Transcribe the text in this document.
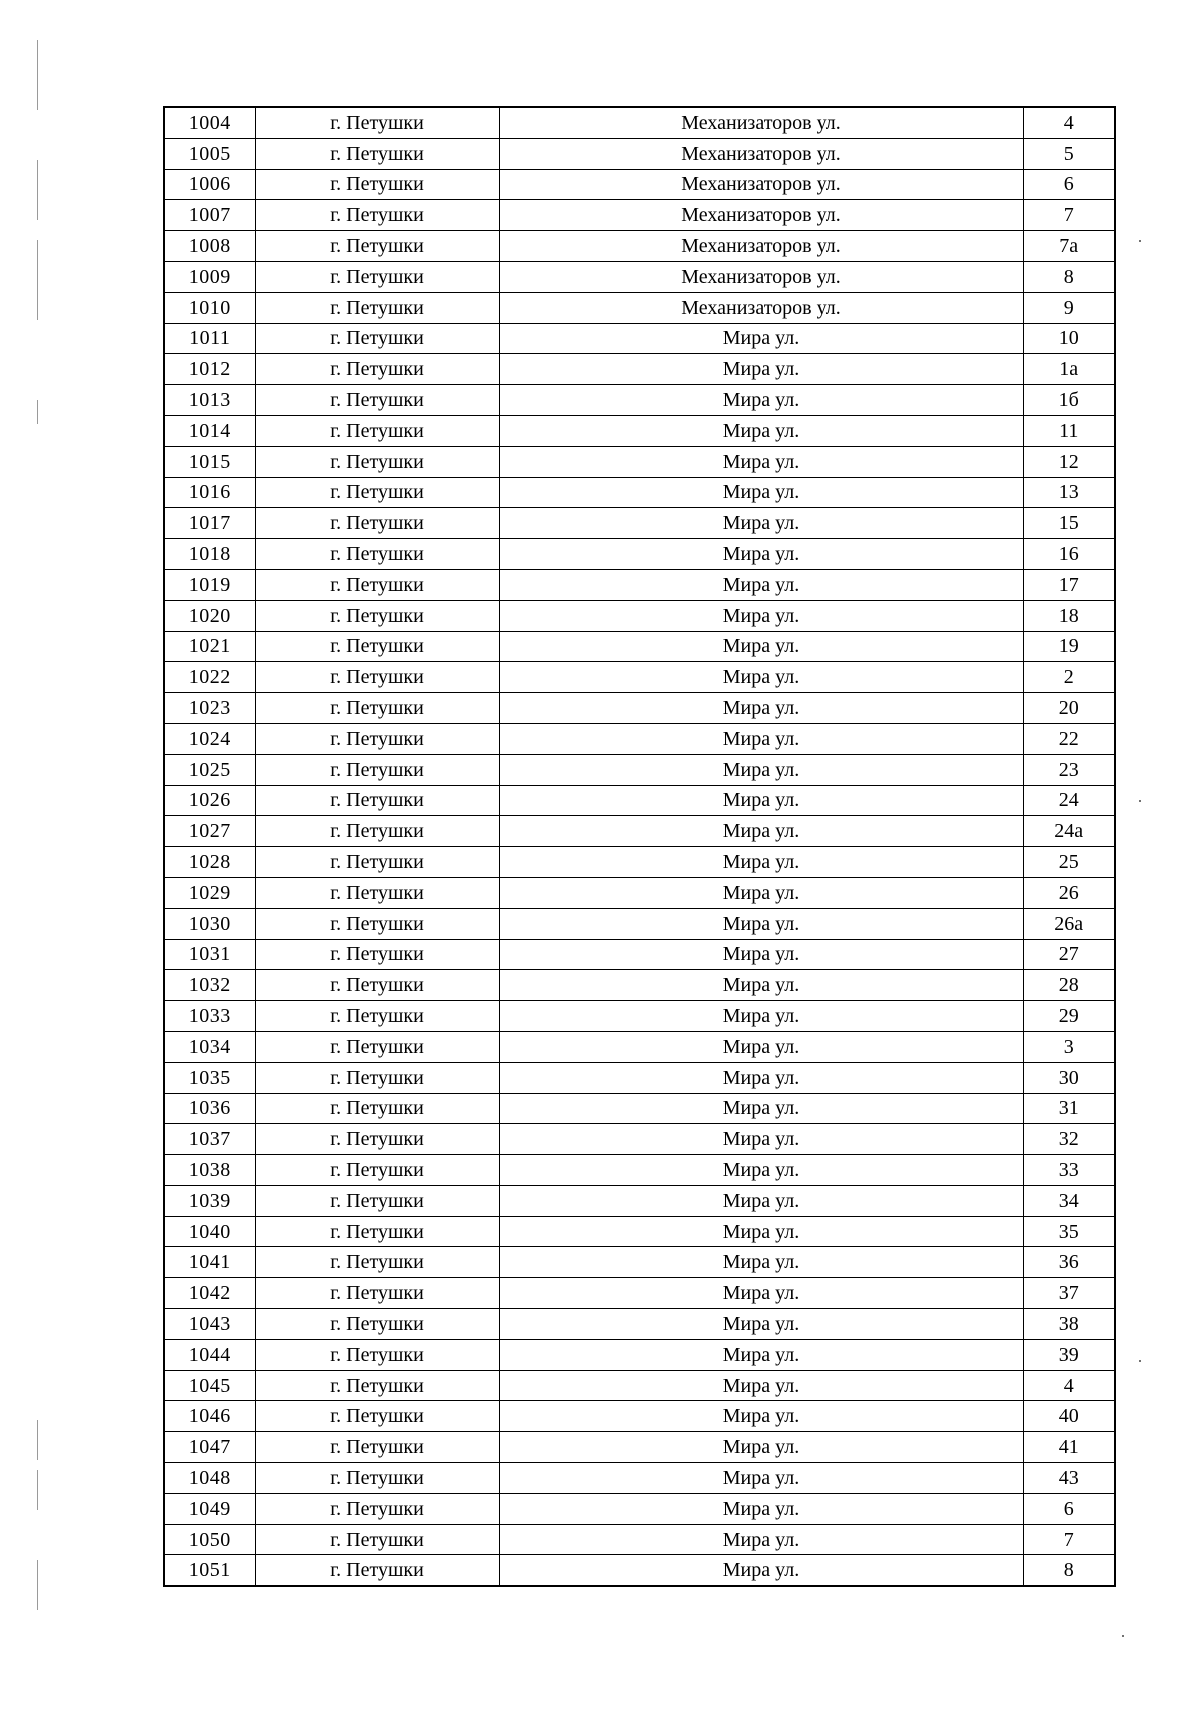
1004	г. Петушки	Механизаторов ул.	4
1005	г. Петушки	Механизаторов ул.	5
1006	г. Петушки	Механизаторов ул.	6
1007	г. Петушки	Механизаторов ул.	7
1008	г. Петушки	Механизаторов ул.	7а
1009	г. Петушки	Механизаторов ул.	8
1010	г. Петушки	Механизаторов ул.	9
1011	г. Петушки	Мира ул.	10
1012	г. Петушки	Мира ул.	1а
1013	г. Петушки	Мира ул.	1б
1014	г. Петушки	Мира ул.	11
1015	г. Петушки	Мира ул.	12
1016	г. Петушки	Мира ул.	13
1017	г. Петушки	Мира ул.	15
1018	г. Петушки	Мира ул.	16
1019	г. Петушки	Мира ул.	17
1020	г. Петушки	Мира ул.	18
1021	г. Петушки	Мира ул.	19
1022	г. Петушки	Мира ул.	2
1023	г. Петушки	Мира ул.	20
1024	г. Петушки	Мира ул.	22
1025	г. Петушки	Мира ул.	23
1026	г. Петушки	Мира ул.	24
1027	г. Петушки	Мира ул.	24а
1028	г. Петушки	Мира ул.	25
1029	г. Петушки	Мира ул.	26
1030	г. Петушки	Мира ул.	26а
1031	г. Петушки	Мира ул.	27
1032	г. Петушки	Мира ул.	28
1033	г. Петушки	Мира ул.	29
1034	г. Петушки	Мира ул.	3
1035	г. Петушки	Мира ул.	30
1036	г. Петушки	Мира ул.	31
1037	г. Петушки	Мира ул.	32
1038	г. Петушки	Мира ул.	33
1039	г. Петушки	Мира ул.	34
1040	г. Петушки	Мира ул.	35
1041	г. Петушки	Мира ул.	36
1042	г. Петушки	Мира ул.	37
1043	г. Петушки	Мира ул.	38
1044	г. Петушки	Мира ул.	39
1045	г. Петушки	Мира ул.	4
1046	г. Петушки	Мира ул.	40
1047	г. Петушки	Мира ул.	41
1048	г. Петушки	Мира ул.	43
1049	г. Петушки	Мира ул.	6
1050	г. Петушки	Мира ул.	7
1051	г. Петушки	Мира ул.	8
